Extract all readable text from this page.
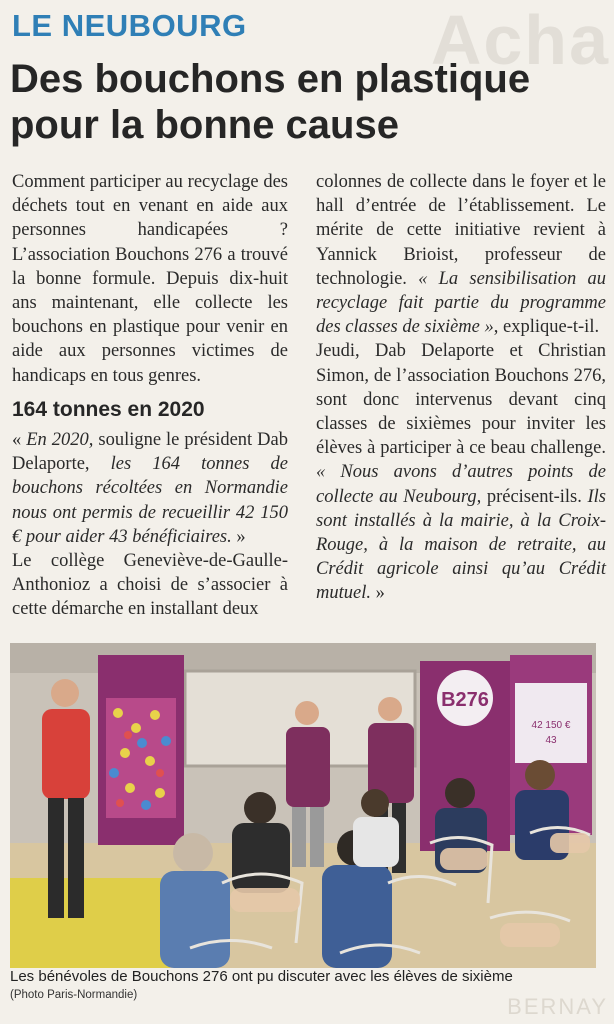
Acha
BERNAY
LE NEUBOURG
Des bouchons en plastique pour la bonne cause

Comment participer au recyclage des déchets tout en venant en aide aux personnes handicapées ? L’association Bouchons 276 a trouvé la bonne formule. Depuis dix-huit ans maintenant, elle collecte les bouchons en plastique pour venir en aide aux personnes victimes de handicaps en tous genres.

164 tonnes en 2020

« En 2020, souligne le président Dab Delaporte, les 164 tonnes de bouchons récoltées en Normandie nous ont permis de recueillir 42 150 € pour aider 43 bénéficiaires. »

Le collège Geneviève-de-Gaulle-Anthonioz a choisi de s’associer à cette démarche en installant deux

colonnes de collecte dans le foyer et le hall d’entrée de l’établissement. Le mérite de cette initiative revient à Yannick Brioist, professeur de technologie. « La sensibilisation au recyclage fait partie du programme des classes de sixième », explique-t-il.

Jeudi, Dab Delaporte et Christian Simon, de l’association Bouchons 276, sont donc intervenus devant cinq classes de sixièmes pour inviter les élèves à participer à ce beau challenge. « Nous avons d’autres points de collecte au Neubourg, précisent-ils. Ils sont installés à la mairie, à la Croix-Rouge, à la maison de retraite, au Crédit agricole ainsi qu’au Crédit mutuel. »

B276
42 150 €
43
Les bénévoles de Bouchons 276 ont pu discuter avec les élèves de sixième
(Photo Paris-Normandie)
